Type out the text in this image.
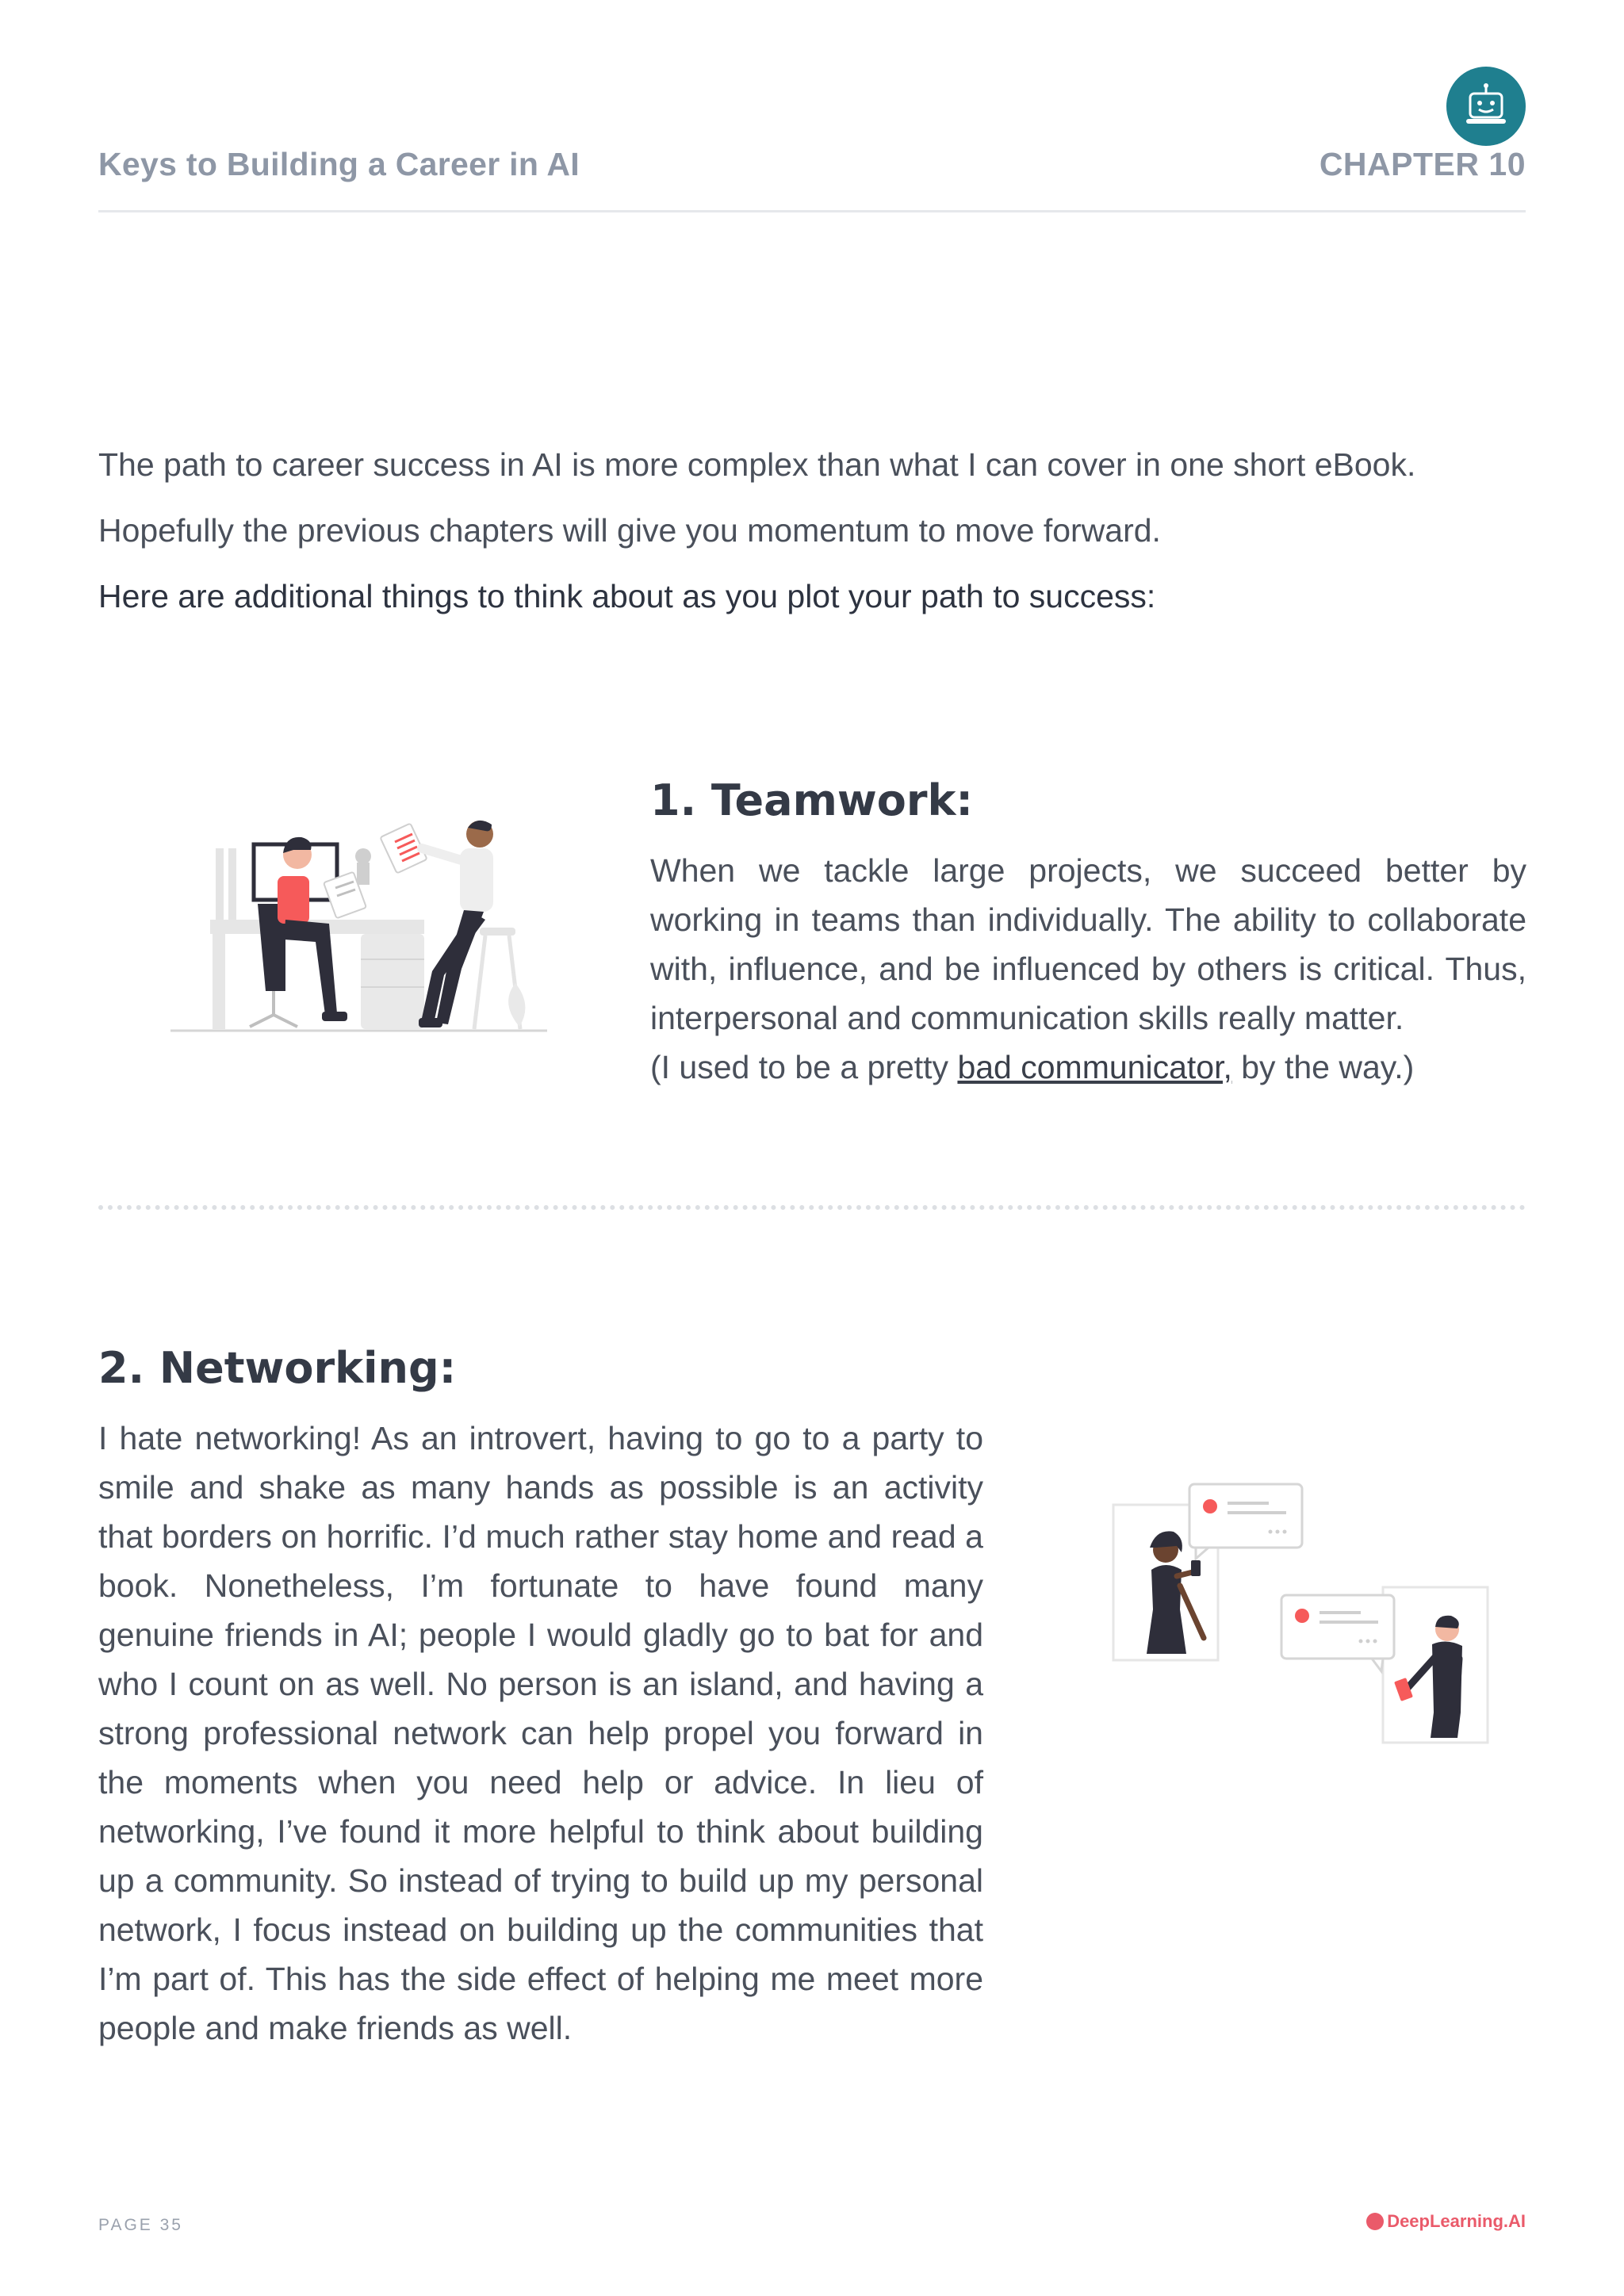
Keys to Building a Career in AI	CHAPTER 10

The path to career success in AI is more complex than what I can cover in one short eBook.

Hopefully the previous chapters will give you momentum to move forward.

Here are additional things to think about as you plot your path to success:

1. Teamwork:

When we tackle large projects, we succeed better by working in teams than individually. The ability to collaborate with, influence, and be influenced by others is critical. Thus, interpersonal and communication skills really matter.

(I used to be a pretty bad communicator, by the way.)

2. Networking:

I hate networking! As an introvert, having to go to a party to smile and shake as many hands as possible is an activity that borders on horrific. I’d much rather stay home and read a book. Nonetheless, I’m fortunate to have found many genuine friends in AI; people I would gladly go to bat for and who I count on as well. No person is an island, and having a strong professional network can help propel you forward in the moments when you need help or advice. In lieu of networking, I’ve found it more helpful to think about building up a community. So instead of trying to build up my personal network, I focus instead on building up the communities that I’m part of. This has the side effect of helping me meet more people and make friends as well.

PAGE 35	DeepLearning.AI
